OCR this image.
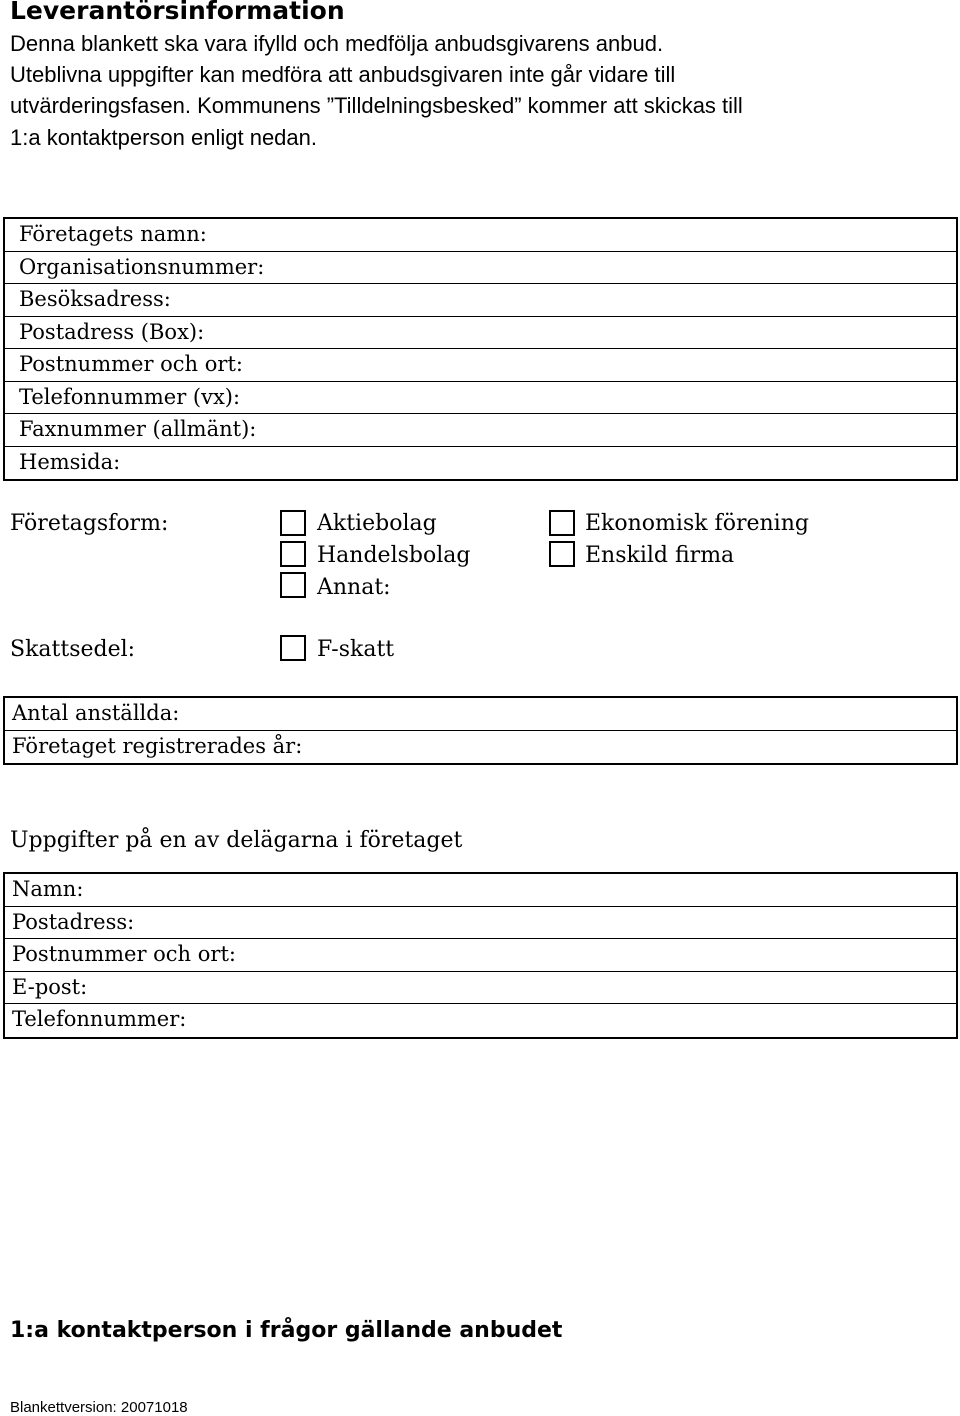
Leverantörsinformation
Denna blankett ska vara ifylld och medfölja anbudsgivarens anbud.
Uteblivna uppgifter kan medföra att anbudsgivaren inte går vidare till
utvärderingsfasen. Kommunens ”Tilldelningsbesked” kommer att skickas till
1:a kontaktperson enligt nedan.
Företagets namn:
Organisationsnummer:
Besöksadress:
Postadress (Box):
Postnummer och ort:
Telefonnummer (vx):
Faxnummer (allmänt):
Hemsida:
Företagsform:	Aktiebolag	Ekonomisk förening
Handelsbolag	Enskild firma
Annat:
Skattsedel:	F-skatt
Antal anställda:
Företaget registrerades år:
Uppgifter på en av delägarna i företaget
Namn:
Postadress:
Postnummer och ort:
E-post:
Telefonnummer:
1:a kontaktperson i frågor gällande anbudet
Blankettversion: 20071018
